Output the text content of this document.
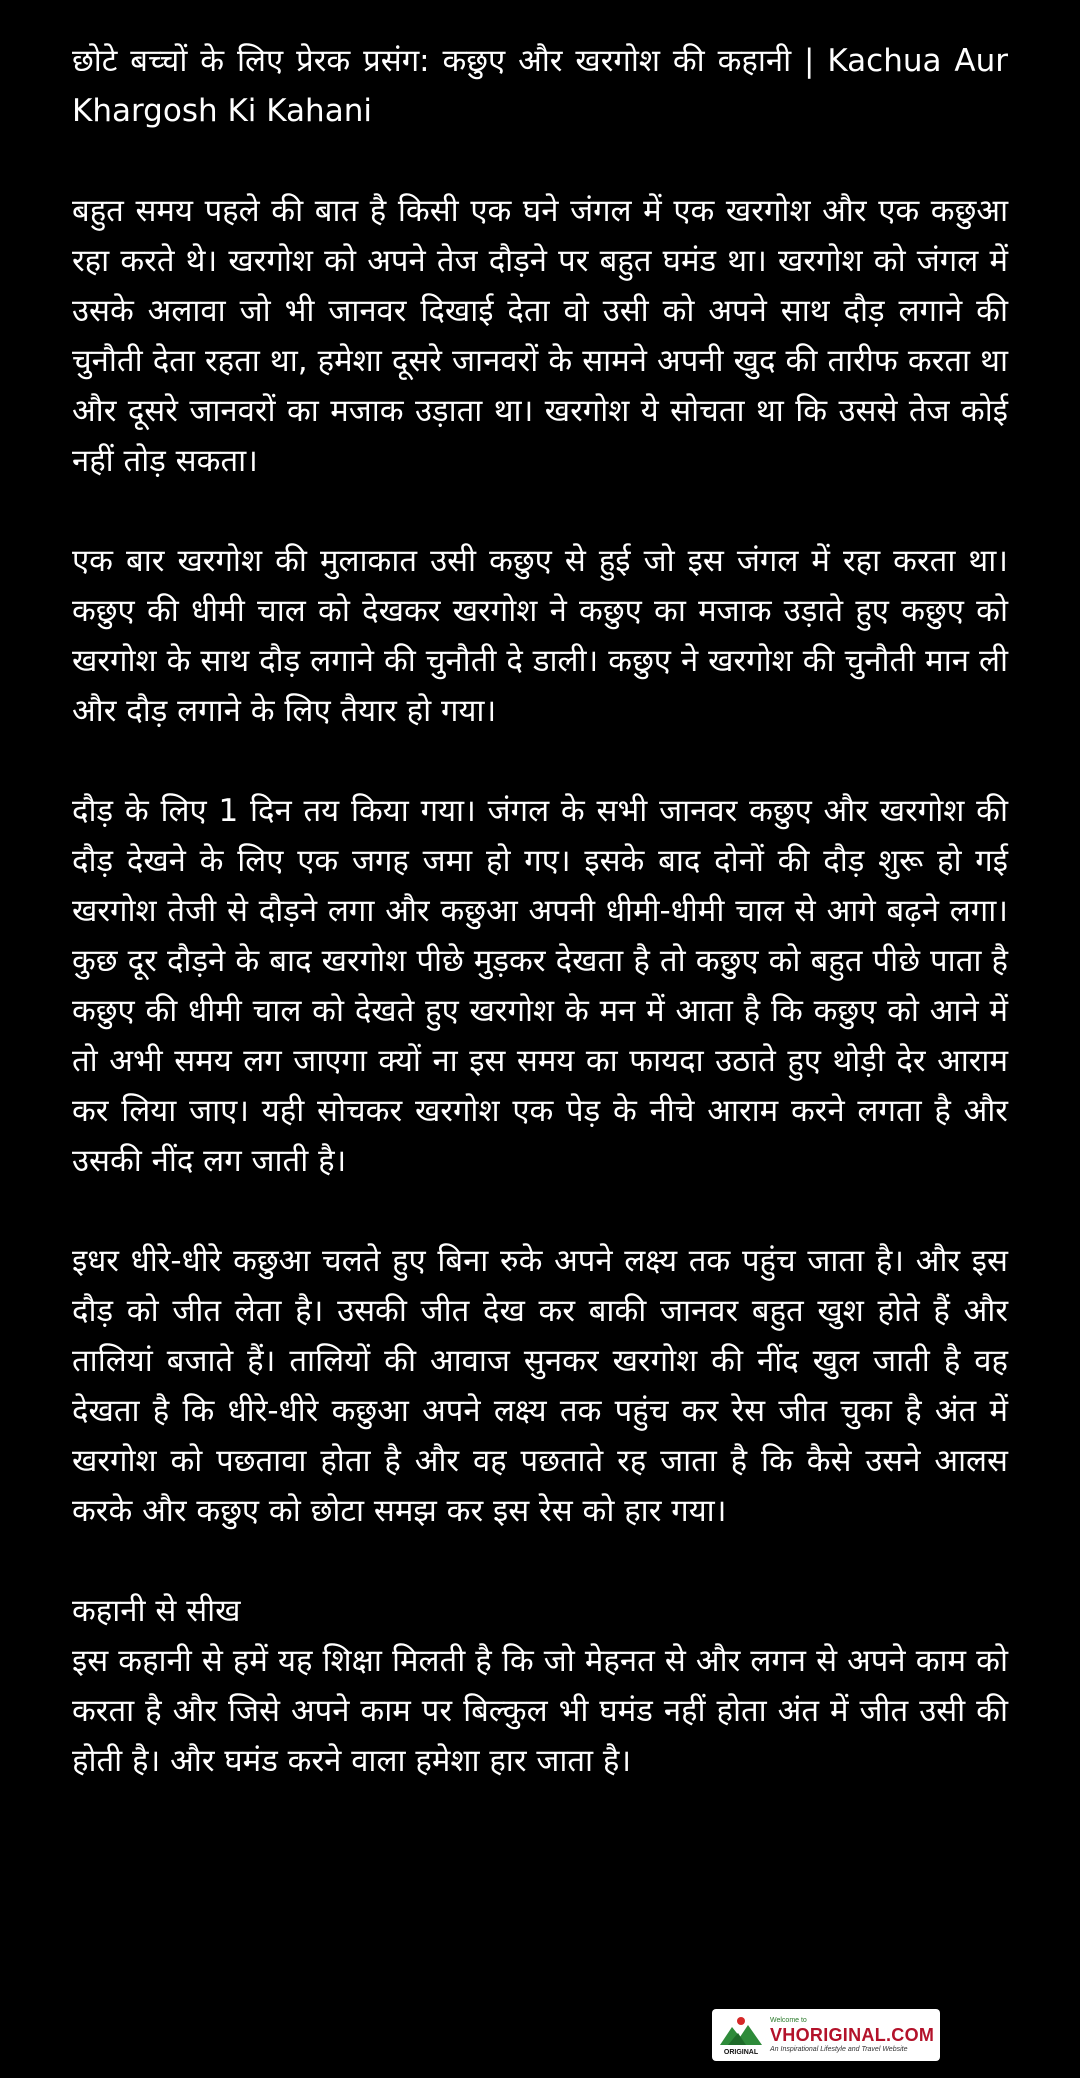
छोटे बच्चों के लिए प्रेरक प्रसंग: कछुए और खरगोश की कहानी | Kachua Aur Khargosh Ki Kahani

बहुत समय पहले की बात है किसी एक घने जंगल में एक खरगोश और एक कछुआ रहा करते थे। खरगोश को अपने तेज दौड़ने पर बहुत घमंड था। खरगोश को जंगल में उसके अलावा जो भी जानवर दिखाई देता वो उसी को अपने साथ दौड़ लगाने की चुनौती देता रहता था, हमेशा दूसरे जानवरों के सामने अपनी खुद की तारीफ करता था और दूसरे जानवरों का मजाक उड़ाता था। खरगोश ये सोचता था कि उससे तेज कोई नहीं तोड़ सकता।

एक बार खरगोश की मुलाकात उसी कछुए से हुई जो इस जंगल में रहा करता था। कछुए की धीमी चाल को देखकर खरगोश ने कछुए का मजाक उड़ाते हुए कछुए को खरगोश के साथ दौड़ लगाने की चुनौती दे डाली। कछुए ने खरगोश की चुनौती मान ली और दौड़ लगाने के लिए तैयार हो गया।

दौड़ के लिए 1 दिन तय किया गया। जंगल के सभी जानवर कछुए और खरगोश की दौड़ देखने के लिए एक जगह जमा हो गए। इसके बाद दोनों की दौड़ शुरू हो गई खरगोश तेजी से दौड़ने लगा और कछुआ अपनी धीमी-धीमी चाल से आगे बढ़ने लगा। कुछ दूर दौड़ने के बाद खरगोश पीछे मुड़कर देखता है तो कछुए को बहुत पीछे पाता है कछुए की धीमी चाल को देखते हुए खरगोश के मन में आता है कि कछुए को आने में तो अभी समय लग जाएगा क्यों ना इस समय का फायदा उठाते हुए थोड़ी देर आराम कर लिया जाए। यही सोचकर खरगोश एक पेड़ के नीचे आराम करने लगता है और उसकी नींद लग जाती है।

इधर धीरे-धीरे कछुआ चलते हुए बिना रुके अपने लक्ष्य तक पहुंच जाता है। और इस दौड़ को जीत लेता है। उसकी जीत देख कर बाकी जानवर बहुत खुश होते हैं और तालियां बजाते हैं। तालियों की आवाज सुनकर खरगोश की नींद खुल जाती है वह देखता है कि धीरे-धीरे कछुआ अपने लक्ष्य तक पहुंच कर रेस जीत चुका है अंत में खरगोश को पछतावा होता है और वह पछताते रह जाता है कि कैसे उसने आलस करके और कछुए को छोटा समझ कर इस रेस को हार गया।

कहानी से सीख

इस कहानी से हमें यह शिक्षा मिलती है कि जो मेहनत से और लगन से अपने काम को करता है और जिसे अपने काम पर बिल्कुल भी घमंड नहीं होता अंत में जीत उसी की होती है। और घमंड करने वाला हमेशा हार जाता है।

ORIGINAL
Welcome to
VHORIGINAL.COM
An Inspirational Lifestyle and Travel Website
